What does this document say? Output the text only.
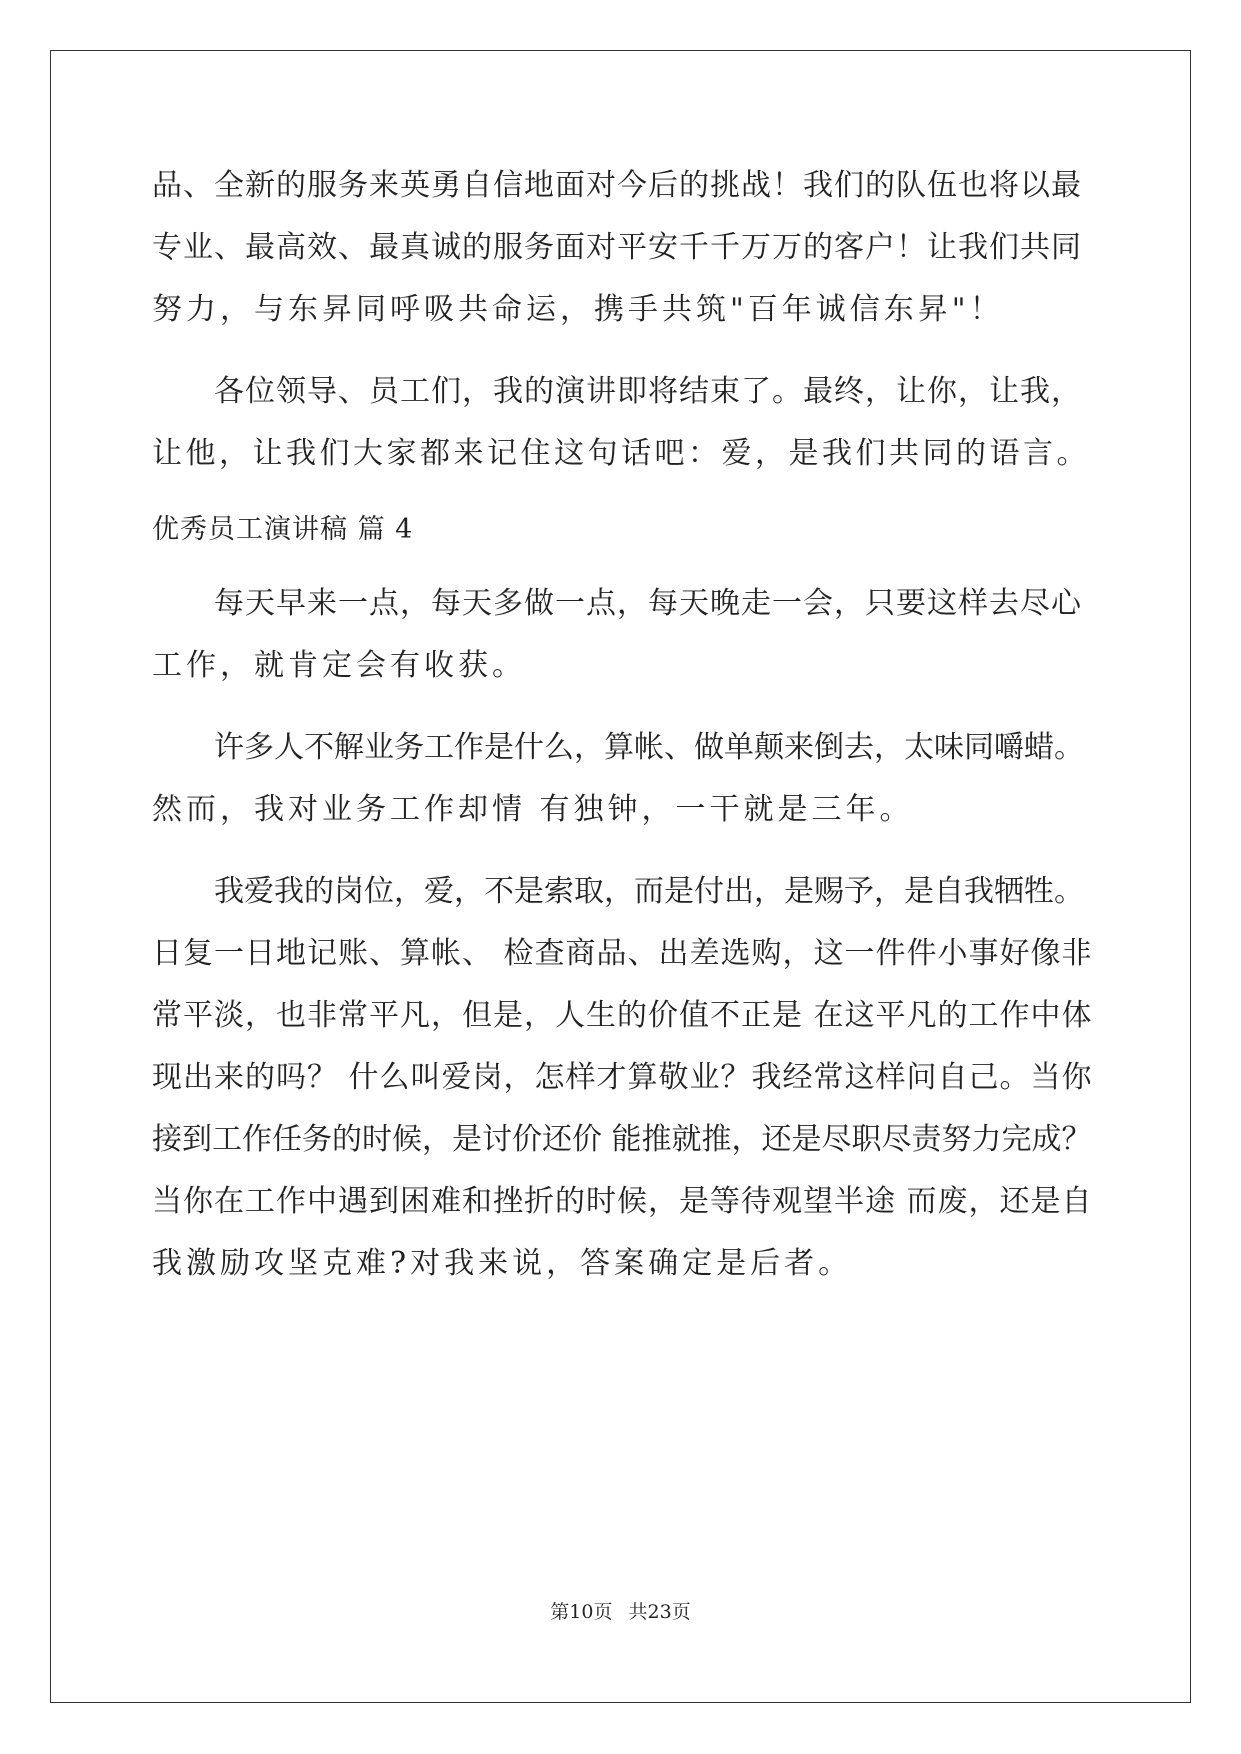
品、全新的服务来英勇自信地面对今后的挑战！我们的队伍也将以最
专业、最高效、最真诚的服务面对平安千千万万的客户！让我们共同
努力，与东昇同呼吸共命运，携手共筑"百年诚信东昇"！
各位领导、员工们，我的演讲即将结束了。最终，让你，让我，
让他，让我们大家都来记住这句话吧：爱，是我们共同的语言。
优秀员工演讲稿 篇 4
每天早来一点，每天多做一点，每天晚走一会，只要这样去尽心
工作，就肯定会有收获。
许多人不解业务工作是什么，算帐、做单颠来倒去，太味同嚼蜡。
然而，我对业务工作却情 有独钟，一干就是三年。
我爱我的岗位，爱，不是索取，而是付出，是赐予，是自我牺牲。
日复一日地记账、算帐、 检查商品、出差选购，这一件件小事好像非
常平淡，也非常平凡，但是，人生的价值不正是 在这平凡的工作中体
现出来的吗？ 什么叫爱岗，怎样才算敬业？我经常这样问自己。当你
接到工作任务的时候，是讨价还价 能推就推，还是尽职尽责努力完成？
当你在工作中遇到困难和挫折的时候，是等待观望半途 而废，还是自
我激励攻坚克难?对我来说，答案确定是后者。
第10页 共23页
